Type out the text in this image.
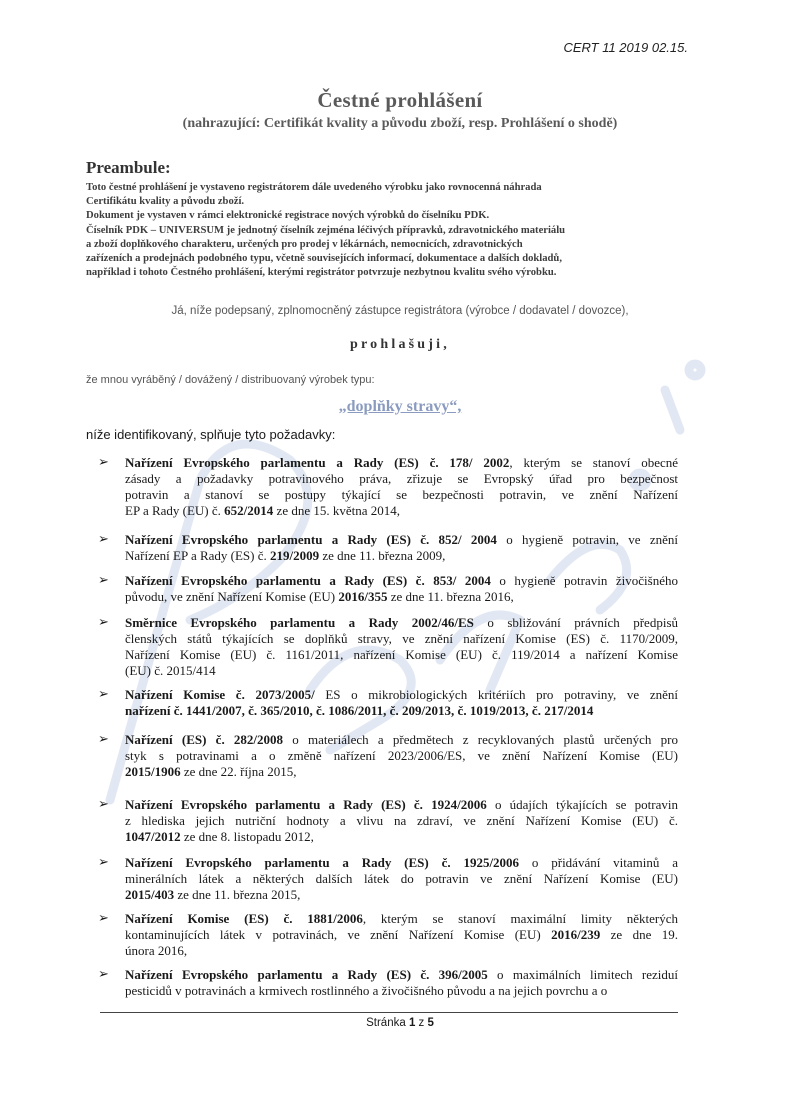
CERT 11 2019 02.15.
Čestné prohlášení
(nahrazující: Certifikát kvality a původu zboží, resp. Prohlášení o shodě)
Preambule:
Toto čestné prohlášení je vystaveno registrátorem dále uvedeného výrobku jako rovnocenná náhrada
Certifikátu kvality a původu zboží.
Dokument je vystaven v rámci elektronické registrace nových výrobků do číselníku PDK.
Číselník PDK – UNIVERSUM je jednotný číselník zejména léčivých přípravků, zdravotnického materiálu
a zboží doplňkového charakteru, určených pro prodej v lékárnách, nemocnicích, zdravotnických
zařízeních a prodejnách podobného typu, včetně souvisejících informací, dokumentace a dalších dokladů,
například i tohoto Čestného prohlášení, kterými registrátor potvrzuje nezbytnou kvalitu svého výrobku.
Já, níže podepsaný, zplnomocněný zástupce registrátora (výrobce / dodavatel / dovozce),
prohlašuji,
že mnou vyráběný / dovážený / distribuovaný výrobek typu:
„doplňky stravy“,
níže identifikovaný, splňuje tyto požadavky:
➢ Nařízení Evropského parlamentu a Rady (ES) č. 178/ 2002, kterým se stanoví obecné
zásady a požadavky potravinového práva, zřizuje se Evropský úřad pro bezpečnost
potravin a stanoví se postupy týkající se bezpečnosti potravin, ve znění Nařízení
EP a Rady (EU) č. 652/2014 ze dne 15. května 2014,
➢ Nařízení Evropského parlamentu a Rady (ES) č. 852/ 2004 o hygieně potravin, ve znění
Nařízení EP a Rady (ES) č. 219/2009 ze dne 11. března 2009,
➢ Nařízení Evropského parlamentu a Rady (ES) č. 853/ 2004 o hygieně potravin živočišného
původu, ve znění Nařízení Komise (EU) 2016/355 ze dne 11. března 2016,
➢ Směrnice Evropského parlamentu a Rady 2002/46/ES o sbližování právních předpisů
členských států týkajících se doplňků stravy, ve znění nařízení Komise (ES) č. 1170/2009,
Nařízení Komise (EU) č. 1161/2011, nařízení Komise (EU) č. 119/2014 a nařízení Komise
(EU) č. 2015/414
➢ Nařízení Komise č. 2073/2005/ ES o mikrobiologických kritériích pro potraviny, ve znění
nařízení č. 1441/2007, č. 365/2010, č. 1086/2011, č. 209/2013, č. 1019/2013, č. 217/2014
➢ Nařízení (ES) č. 282/2008 o materiálech a předmětech z recyklovaných plastů určených pro
styk s potravinami a o změně nařízení 2023/2006/ES, ve znění Nařízení Komise (EU)
2015/1906 ze dne 22. října 2015,
➢ Nařízení Evropského parlamentu a Rady (ES) č. 1924/2006 o údajích týkajících se potravin
z hlediska jejich nutriční hodnoty a vlivu na zdraví, ve znění Nařízení Komise (EU) č.
1047/2012 ze dne 8. listopadu 2012,
➢ Nařízení Evropského parlamentu a Rady (ES) č. 1925/2006 o přidávání vitaminů a
minerálních látek a některých dalších látek do potravin ve znění Nařízení Komise (EU)
2015/403 ze dne 11. března 2015,
➢ Nařízení Komise (ES) č. 1881/2006, kterým se stanoví maximální limity některých
kontaminujících látek v potravinách, ve znění Nařízení Komise (EU) 2016/239 ze dne 19.
února 2016,
➢ Nařízení Evropského parlamentu a Rady (ES) č. 396/2005 o maximálních limitech reziduí
pesticidů v potravinách a krmivech rostlinného a živočišného původu a na jejich povrchu a o
Stránka 1 z 5
